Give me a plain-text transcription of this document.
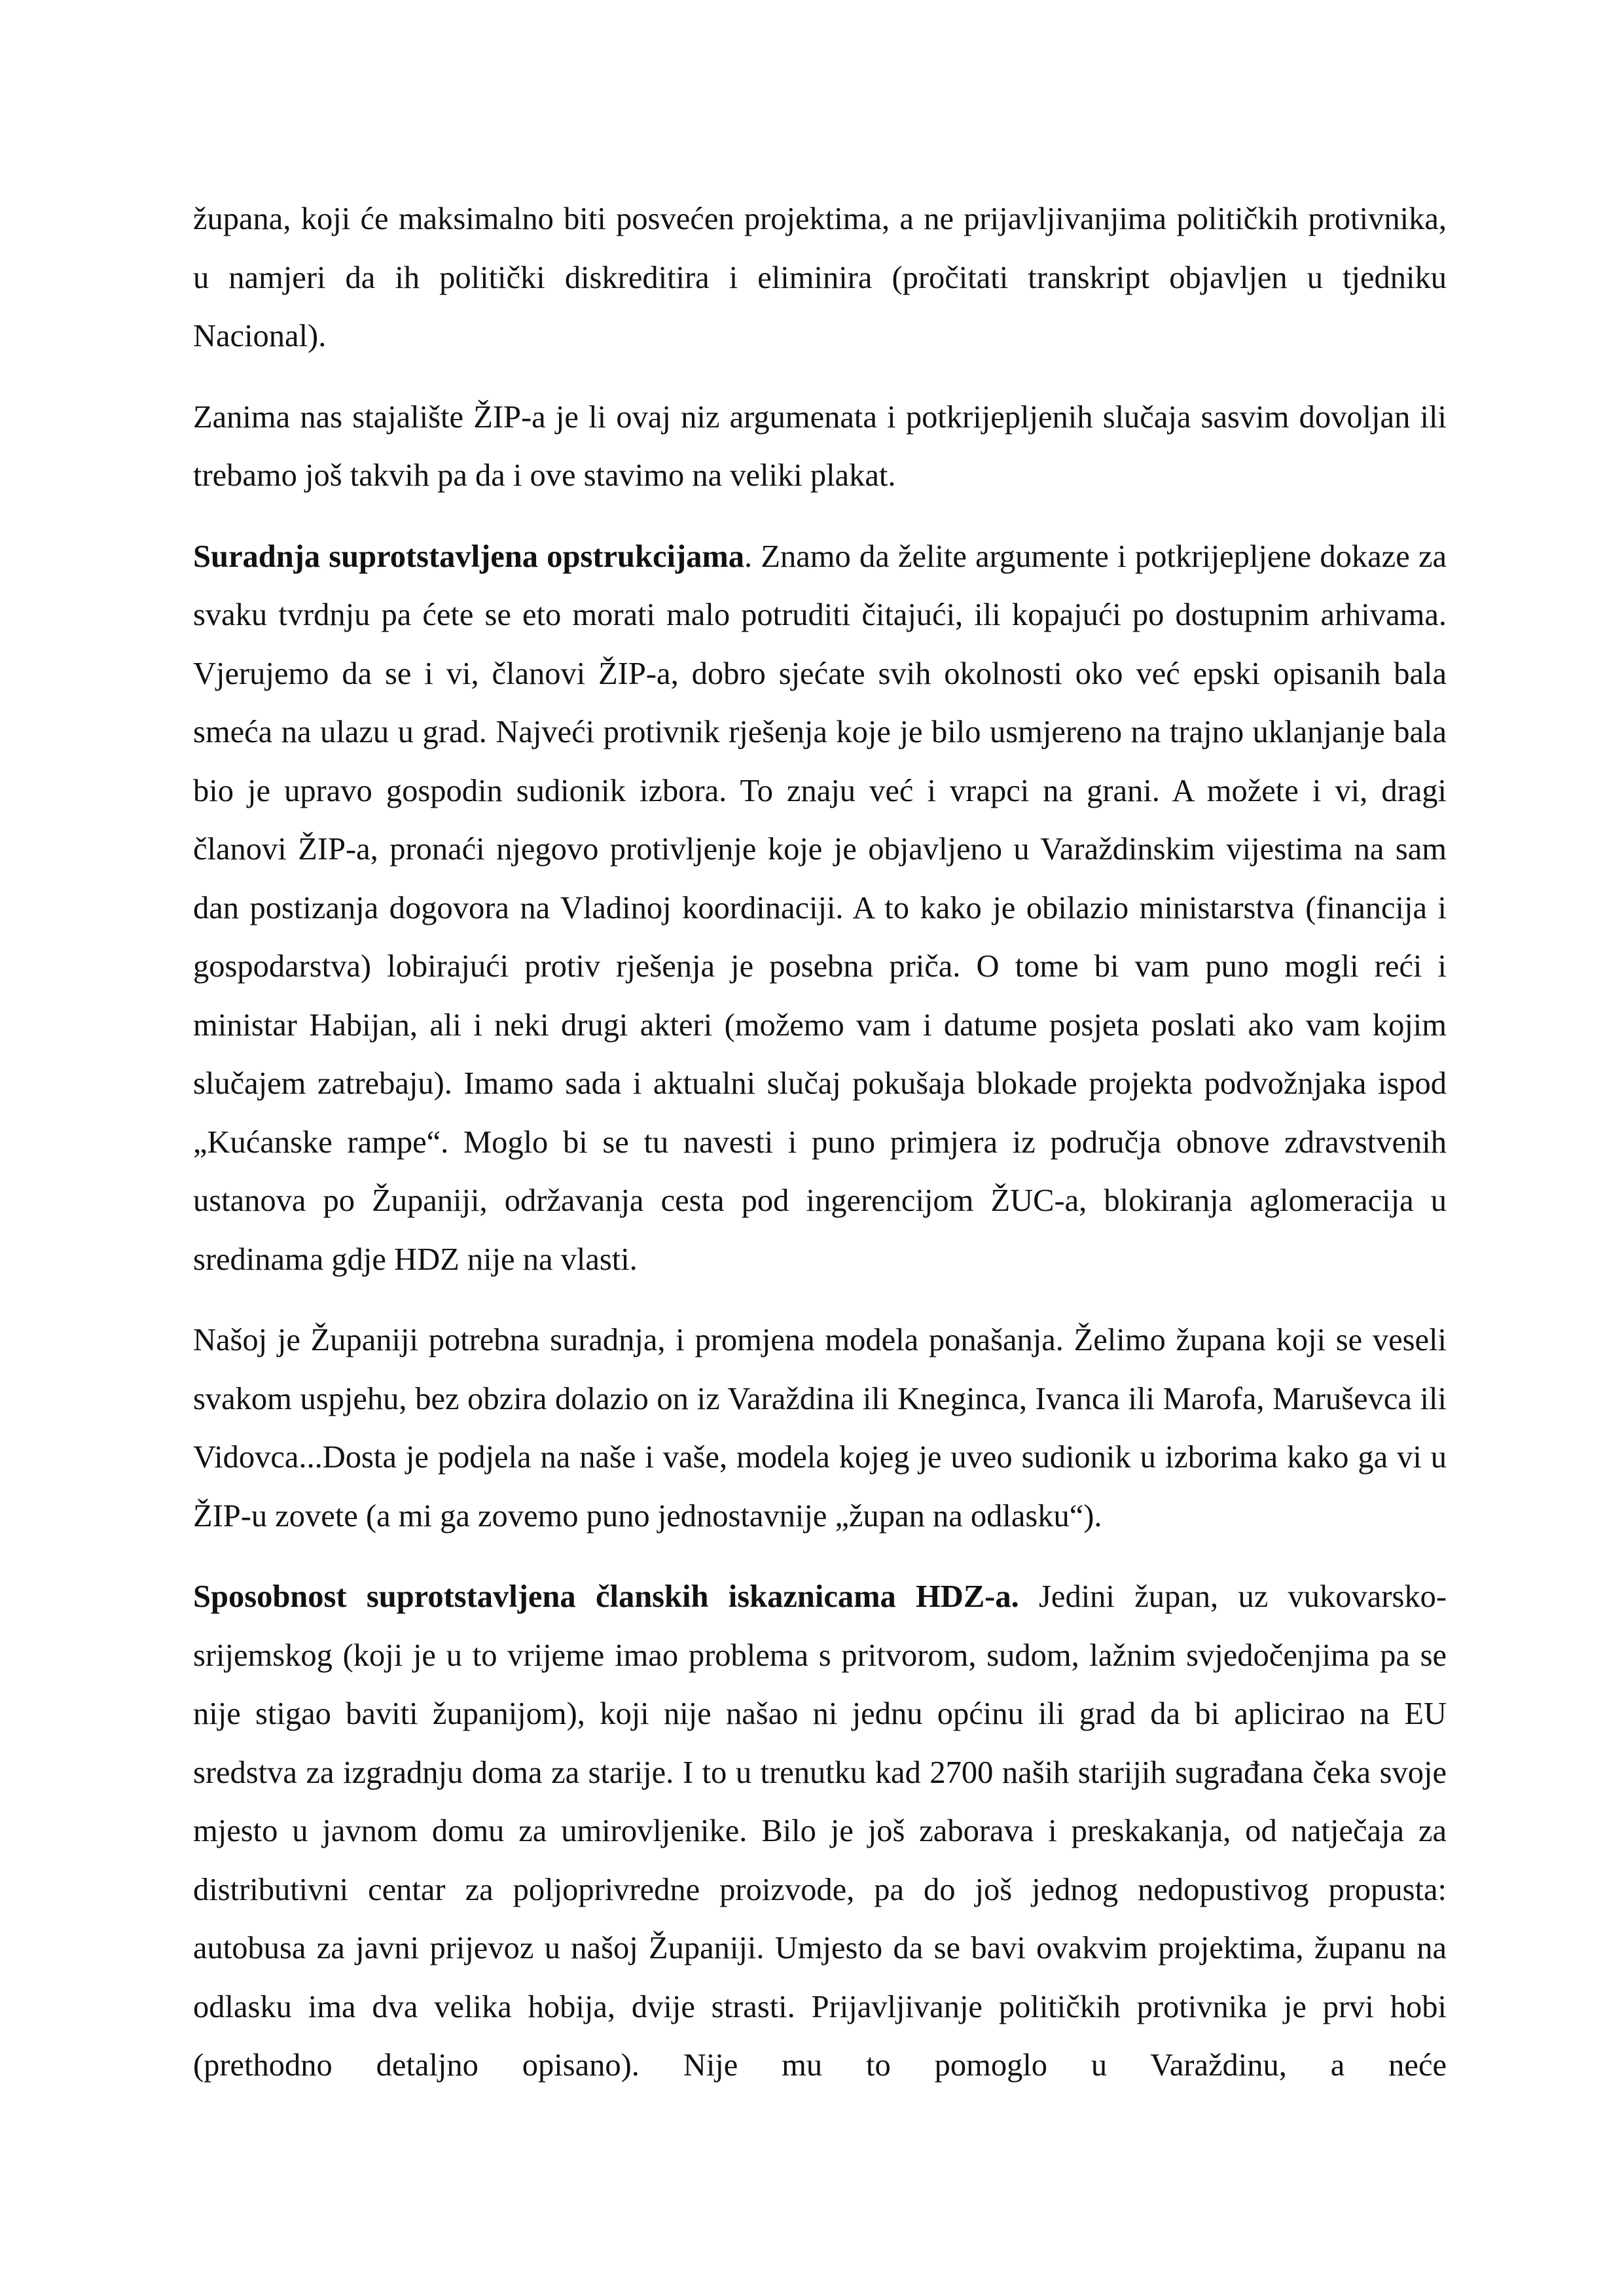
župana, koji će maksimalno biti posvećen projektima, a ne prijavljivanjima političkih protivnika, u namjeri da ih politički diskreditira i eliminira (pročitati transkript objavljen u tjedniku Nacional).

Zanima nas stajalište ŽIP-a je li ovaj niz argumenata i potkrijepljenih slučaja sasvim dovoljan ili trebamo još takvih pa da i ove stavimo na veliki plakat.

Suradnja suprotstavljena opstrukcijama. Znamo da želite argumente i potkrijepljene dokaze za svaku tvrdnju pa ćete se eto morati malo potruditi čitajući, ili kopajući po dostupnim arhivama. Vjerujemo da se i vi, članovi ŽIP-a, dobro sjećate svih okolnosti oko već epski opisanih bala smeća na ulazu u grad. Najveći protivnik rješenja koje je bilo usmjereno na trajno uklanjanje bala bio je upravo gospodin sudionik izbora. To znaju već i vrapci na grani. A možete i vi, dragi članovi ŽIP-a, pronaći njegovo protivljenje koje je objavljeno u Varaždinskim vijestima na sam dan postizanja dogovora na Vladinoj koordinaciji. A to kako je obilazio ministarstva (financija i gospodarstva) lobirajući protiv rješenja je posebna priča. O tome bi vam puno mogli reći i ministar Habijan, ali i neki drugi akteri (možemo vam i datume posjeta poslati ako vam kojim slučajem zatrebaju). Imamo sada i aktualni slučaj pokušaja blokade projekta podvožnjaka ispod „Kućanske rampe“. Moglo bi se tu navesti i puno primjera iz područja obnove zdravstvenih ustanova po Županiji, održavanja cesta pod ingerencijom ŽUC-a, blokiranja aglomeracija u sredinama gdje HDZ nije na vlasti.

Našoj je Županiji potrebna suradnja, i promjena modela ponašanja. Želimo župana koji se veseli svakom uspjehu, bez obzira dolazio on iz Varaždina ili Kneginca, Ivanca ili Marofa, Maruševca ili Vidovca...Dosta je podjela na naše i vaše, modela kojeg je uveo sudionik u izborima kako ga vi u ŽIP-u zovete (a mi ga zovemo puno jednostavnije „župan na odlasku“).

Sposobnost suprotstavljena članskih iskaznicama HDZ-a. Jedini župan, uz vukovarsko-srijemskog (koji je u to vrijeme imao problema s pritvorom, sudom, lažnim svjedočenjima pa se nije stigao baviti županijom), koji nije našao ni jednu općinu ili grad da bi aplicirao na EU sredstva za izgradnju doma za starije. I to u trenutku kad 2700 naših starijih sugrađana čeka svoje mjesto u javnom domu za umirovljenike. Bilo je još zaborava i preskakanja, od natječaja za distributivni centar za poljoprivredne proizvode, pa do još jednog nedopustivog propusta: autobusa za javni prijevoz u našoj Županiji. Umjesto da se bavi ovakvim projektima, županu na odlasku ima dva velika hobija, dvije strasti. Prijavljivanje političkih protivnika je prvi hobi (prethodno detaljno opisano). Nije mu to pomoglo u Varaždinu, a neće
